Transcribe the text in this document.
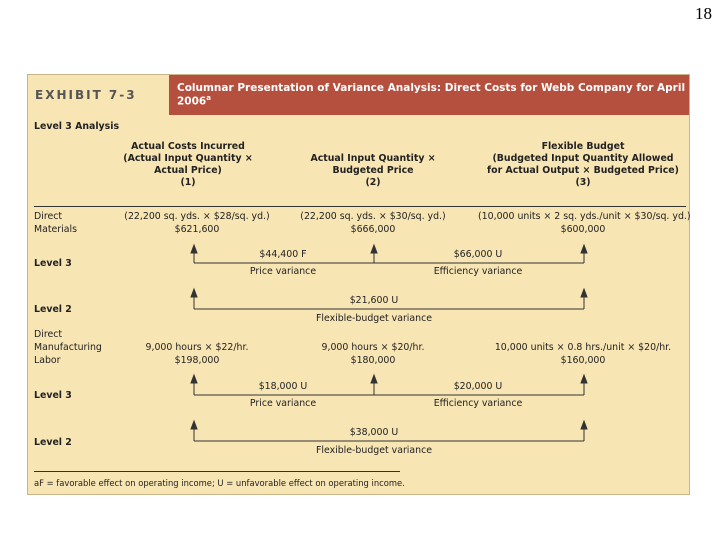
18
EXHIBIT 7-3	Columnar Presentation of Variance Analysis: Direct Costs for Webb Company for April 2006$^a$
Level 3 Analysis
Actual Costs Incurred
(Actual Input Quantity ×
Actual Price)
(1)

Actual Input Quantity ×
Budgeted Price
(2)
Flexible Budget
(Budgeted Input Quantity Allowed
for Actual Output × Budgeted Price)
(3)
Direct
Materials
(22,200 sq. yds. × $28/sq. yd.)
$621,600
(22,200 sq. yds. × $30/sq. yd.)
$666,000
(10,000 units × 2 sq. yds./unit × $30/sq. yd.)
$600,000
Level 3
$44,400 F
Price variance
$66,000 U
Efficiency variance
Level 2
$21,600 U
Flexible-budget variance
Direct
Manufacturing
Labor
9,000 hours × $22/hr.
$198,000
9,000 hours × $20/hr.
$180,000
10,000 units × 0.8 hrs./unit × $20/hr.
$160,000
Level 3
$18,000 U
Price variance
$20,000 U
Efficiency variance
Level 2
$38,000 U
Flexible-budget variance
aF = favorable effect on operating income; U = unfavorable effect on operating income.
